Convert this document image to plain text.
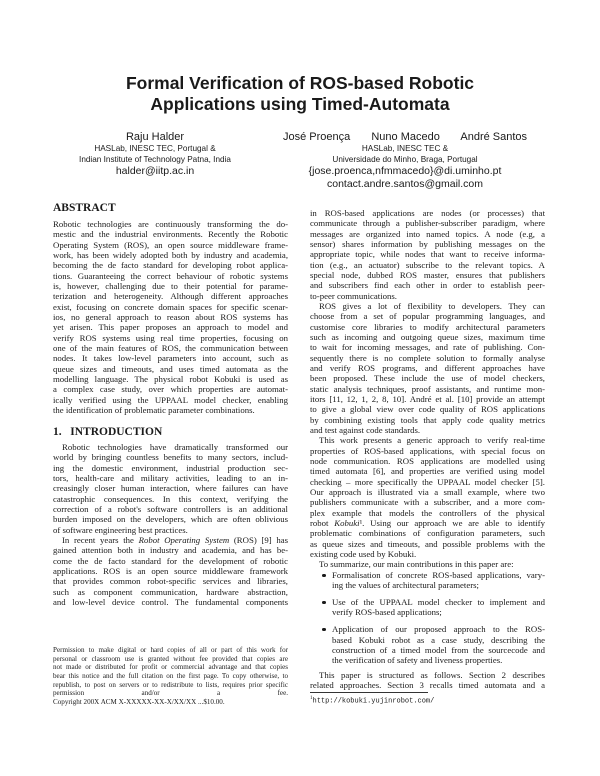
Formal Verification of ROS-based Robotic
Applications using Timed-Automata
Raju Halder
HASLab, INESC TEC, Portugal &
Indian Institute of Technology Patna, India
halder@iitp.ac.in
José Proença Nuno Macedo André Santos
HASLab, INESC TEC &
Universidade do Minho, Braga, Portugal
{jose.proenca,nfmmacedo}@di.uminho.pt
contact.andre.santos@gmail.com
ABSTRACT
Robotic technologies are continuously transforming the do-
mestic and the industrial environments. Recently the Robotic
Operating System (ROS), an open source middleware frame-
work, has been widely adopted both by industry and academia,
becoming the de facto standard for developing robot applica-
tions. Guaranteeing the correct behaviour of robotic systems
is, however, challenging due to their potential for parame-
terization and heterogeneity. Although different approaches
exist, focusing on concrete domain spaces for specific scenar-
ios, no general approach to reason about ROS systems has
yet arisen. This paper proposes an approach to model and
verify ROS systems using real time properties, focusing on
one of the main features of ROS, the communication between
nodes. It takes low-level parameters into account, such as
queue sizes and timeouts, and uses timed automata as the
modelling language. The physical robot Kobuki is used as
a complex case study, over which properties are automat-
ically verified using the UPPAAL model checker, enabling
the identification of problematic parameter combinations.
1.   INTRODUCTION
Robotic technologies have dramatically transformed our
world by bringing countless benefits to many sectors, includ-
ing the domestic environment, industrial production sec-
tors, health-care and military activities, leading to an in-
creasingly closer human interaction, where failures can have
catastrophic consequences. In this context, verifying the
correction of a robot's software controllers is an additional
burden imposed on the developers, which are often oblivious
of software engineering best practices.
In recent years the Robot Operating System (ROS) [9] has
gained attention both in industry and academia, and has be-
come the de facto standard for the development of robotic
applications. ROS is an open source middleware framework
that provides common robot-specific services and libraries,
such as component communication, hardware abstraction,
and low-level device control. The fundamental components
Permission to make digital or hard copies of all or part of this work for
personal or classroom use is granted without fee provided that copies are
not made or distributed for profit or commercial advantage and that copies
bear this notice and the full citation on the first page. To copy otherwise, to
republish, to post on servers or to redistribute to lists, requires prior specific
permission and/or a fee.
Copyright 200X ACM X-XXXXX-XX-X/XX/XX ...$10.00.
in ROS-based applications are nodes (or processes) that
communicate through a publisher-subscriber paradigm, where
messages are organized into named topics. A node (e.g, a
sensor) shares information by publishing messages on the
appropriate topic, while nodes that want to receive informa-
tion (e.g., an actuator) subscribe to the relevant topics. A
special node, dubbed ROS master, ensures that publishers
and subscribers find each other in order to establish peer-
to-peer communications.
ROS gives a lot of flexibility to developers. They can
choose from a set of popular programming languages, and
customise core libraries to modify architectural parameters
such as incoming and outgoing queue sizes, maximum time
to wait for incoming messages, and rate of publishing. Con-
sequently there is no complete solution to formally analyse
and verify ROS programs, and different approaches have
been proposed. These include the use of model checkers,
static analysis techniques, proof assistants, and runtime mon-
itors [11, 12, 1, 2, 8, 10]. André et al. [10] provide an attempt
to give a global view over code quality of ROS applications
by combining existing tools that apply code quality metrics
and test against code standards.
This work presents a generic approach to verify real-time
properties of ROS-based applications, with special focus on
node communication. ROS applications are modelled using
timed automata [6], and properties are verified using model
checking – more specifically the UPPAAL model checker [5].
Our approach is illustrated via a small example, where two
publishers communicate with a subscriber, and a more com-
plex example that models the controllers of the physical
robot Kobuki¹. Using our approach we are able to identify
problematic combinations of configuration parameters, such
as queue sizes and timeouts, and possible problems with the
existing code used by Kobuki.
To summarize, our main contributions in this paper are:
Formalisation of concrete ROS-based applications, vary-
ing the values of architectural parameters;
Use of the UPPAAL model checker to implement and
verify ROS-based applications;
Application of our proposed approach to the ROS-
based Kobuki robot as a case study, describing the
construction of a timed model from the sourcecode and
the verification of safety and liveness properties.
This paper is structured as follows. Section 2 describes
related approaches. Section 3 recalls timed automata and a
$^1$http://kobuki.yujinrobot.com/
